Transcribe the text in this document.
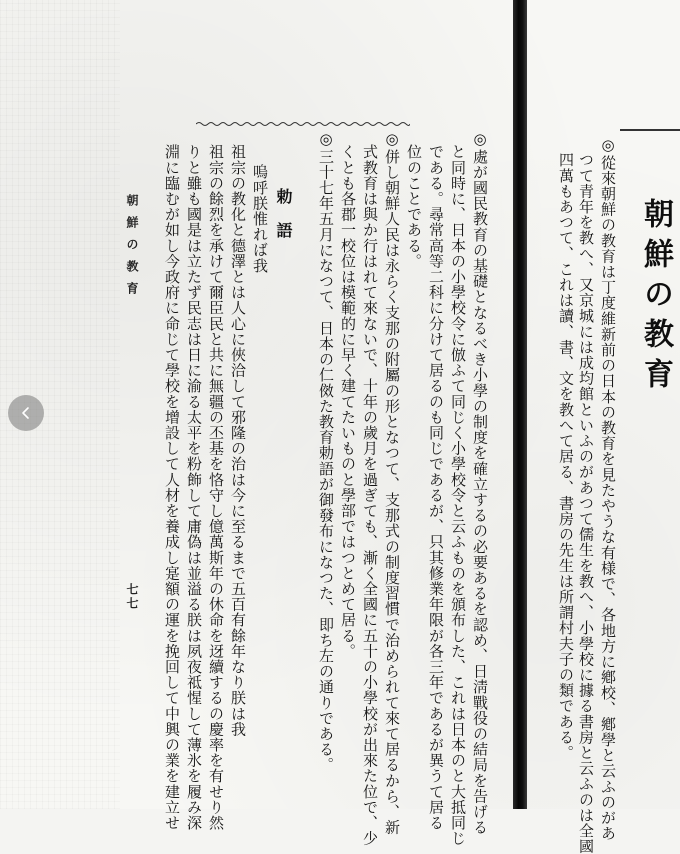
朝鮮の教育
◎從來朝鮮の教育は丁度維新前の日本の教育を見たやうな有様で、各地方に鄕校、鄕學と云ふのがあ
つて青年を教へ、又京城には成均館といふのがあつて儒生を教へ、小學校に據る書房と云ふのは全國
四萬もあつて、これは讀、書、文を教へて居る、書房の先生は所謂村夫子の類である。
◎處が國民教育の基礎となるべき小學の制度を確立するの必要あるを認め、日淸戰役の結局を告げる
と同時に、日本の小學校令に倣ふて同じく小學校令と云ふものを頒布した、これは日本のと大抵同じ
である。尋常高等二科に分けて居るのも同じであるが、只其修業年限が各三年であるが異うて居る
位のことである。
◎併し朝鮮人民は永らく支那の附屬の形となつて、支那式の制度習慣で治められて來て居るから、新
式教育は與か行はれて來ないで、十年の歲月を過ぎても、漸く全國に五十の小學校が出來た位で、少
くとも各郡一校位は模範的に早く建てたいものと學部ではつとめて居る。
◎三十七年五月になつて、日本の仁傚た教育勅語が御發布になつた、即ち左の通りである。
勅語
嗚呼朕惟れば我
祖宗の教化と德澤とは人心に俠洽して邪隆の治は今に至るまで五百有餘年なり朕は我
祖宗の餘烈を承けて爾臣民と共に無疆の丕基を恪守し億萬斯年の休命を迓續するの慶率を有せり然
りと雖も國是は立たず民志は日に渝る太平を粉飾して庸偽は並溢る朕は夙夜祗惺して薄氷を履み深
淵に臨むが如し今政府に命じて學校を增設して人材を養成し寔額の運を挽回して中興の業を建立せ
朝鮮の教育
七七
